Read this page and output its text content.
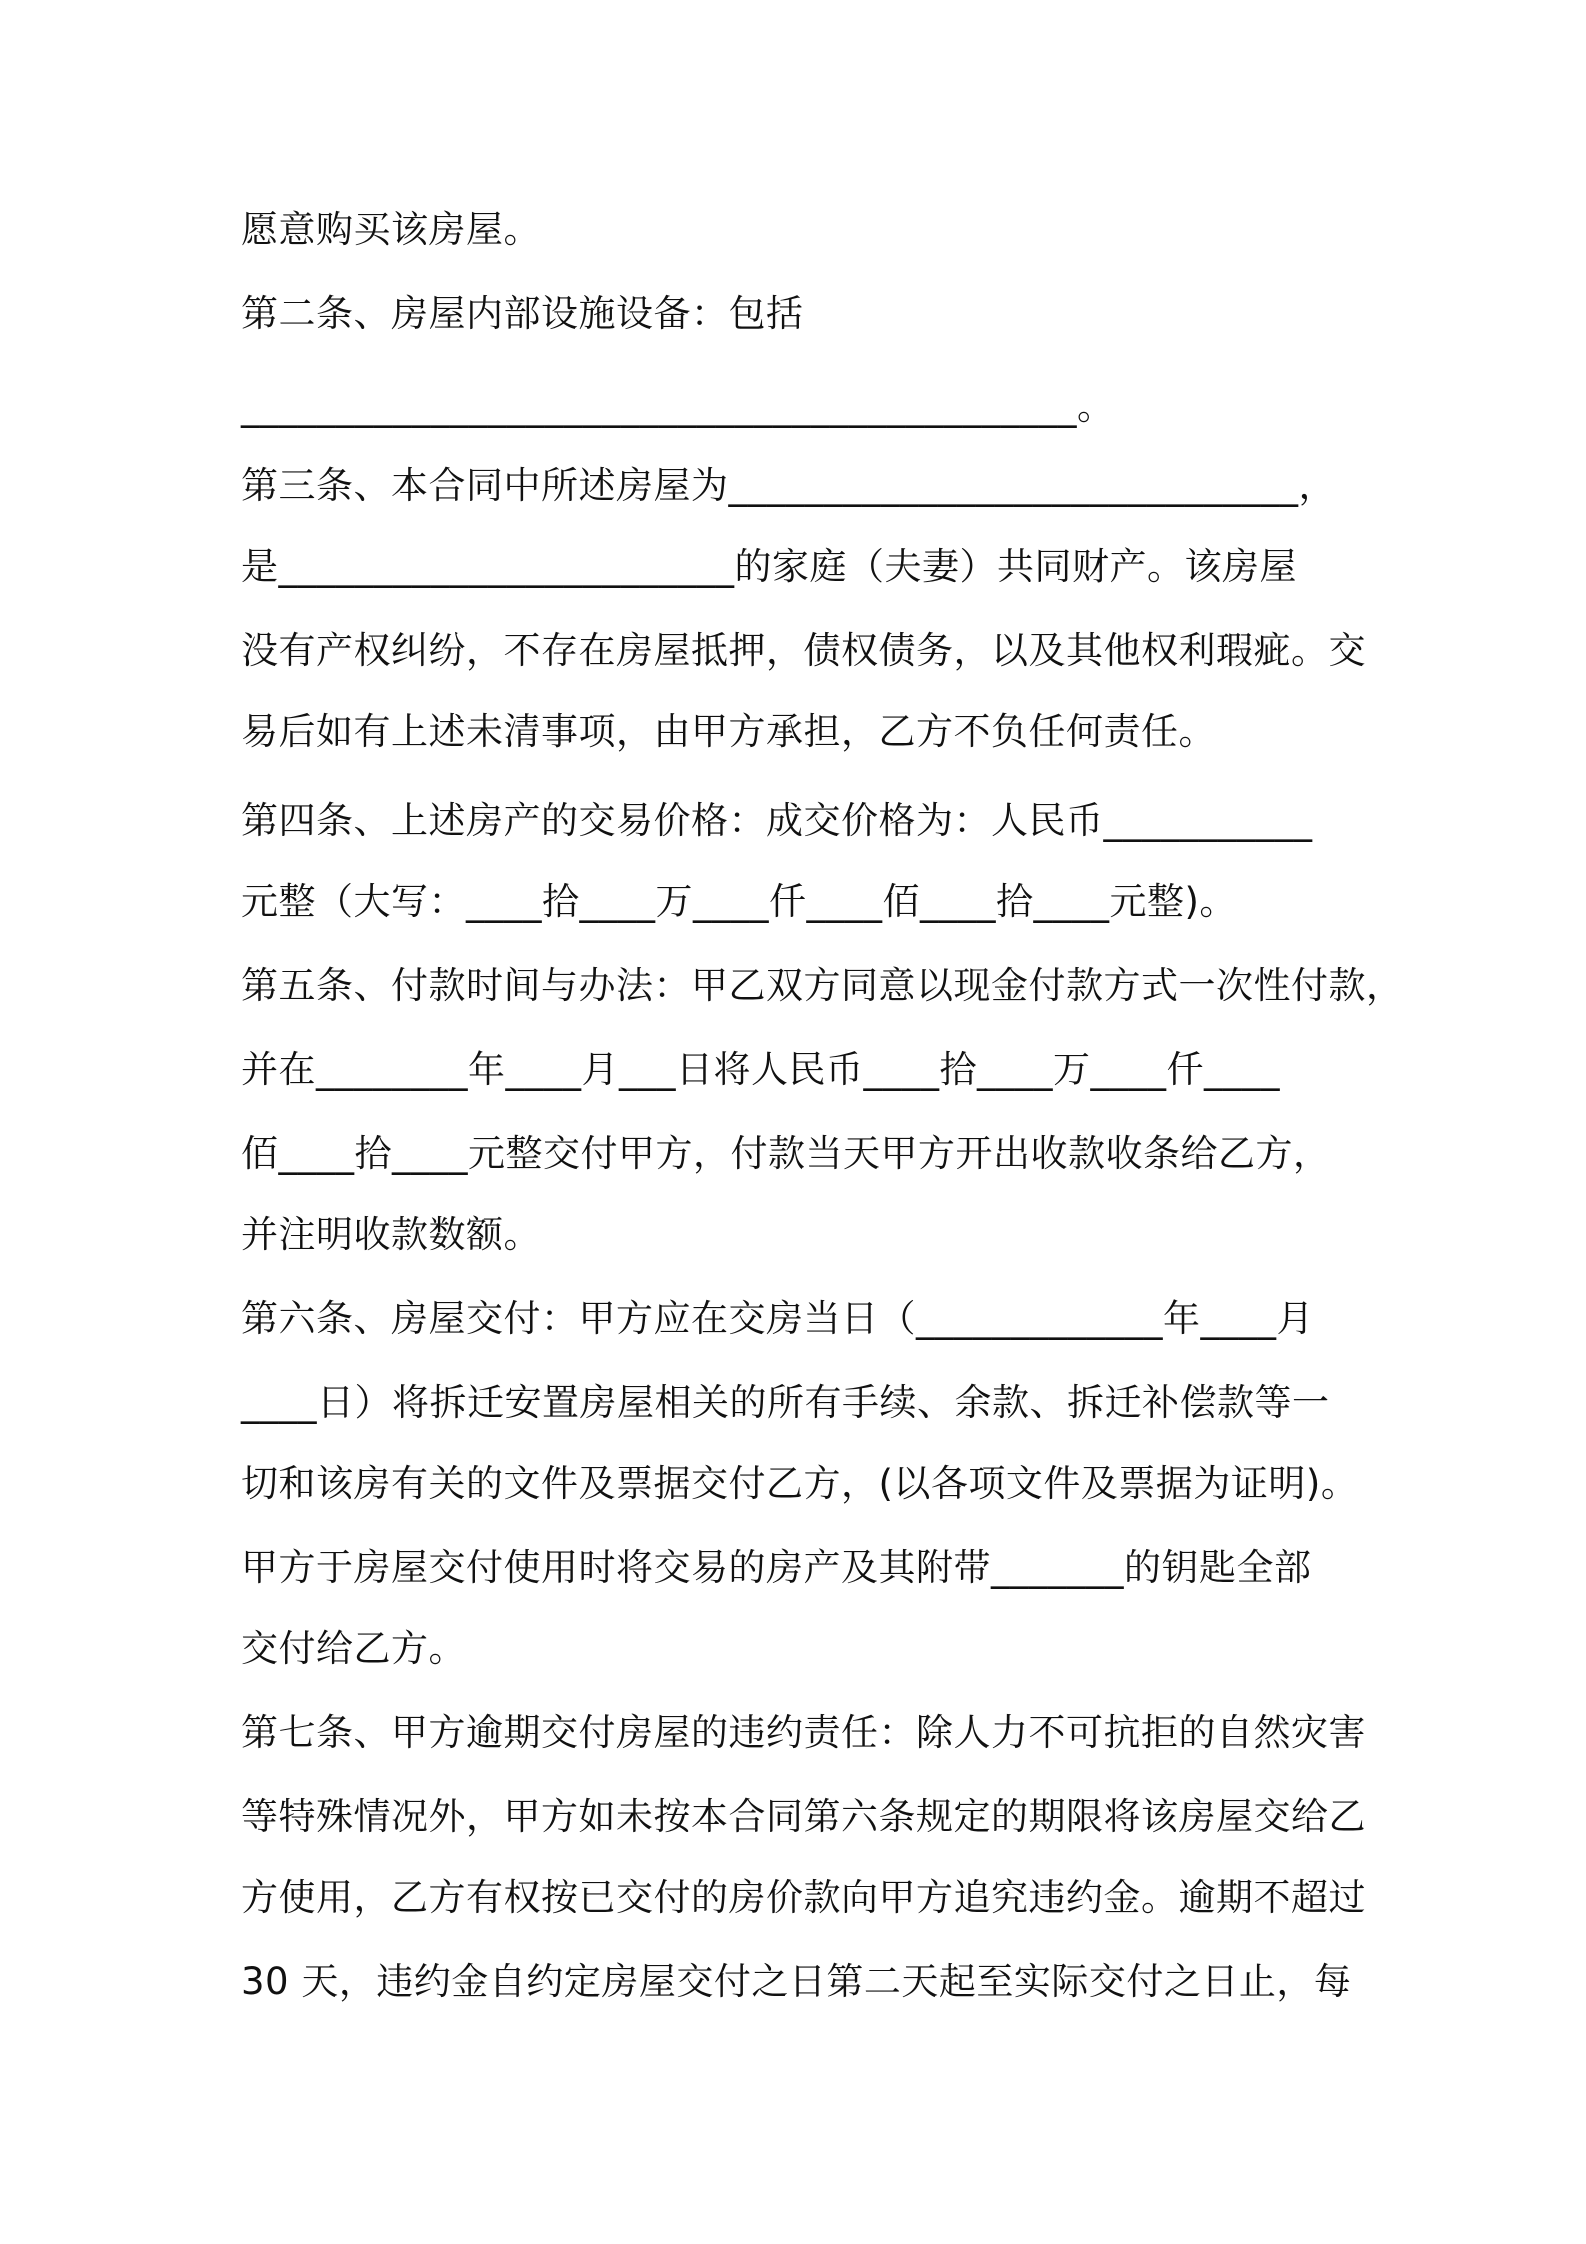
愿意购买该房屋。
第二条、房屋内部设施设备：包括
____________________________________________。
第三条、本合同中所述房屋为______________________________，
是________________________的家庭（夫妻）共同财产。该房屋
没有产权纠纷，不存在房屋抵押，债权债务，以及其他权利瑕疵。交
易后如有上述未清事项，由甲方承担，乙方不负任何责任。
第四条、上述房产的交易价格：成交价格为：人民币___________
元整（大写：____拾____万____仟____佰____拾____元整)。
第五条、付款时间与办法：甲乙双方同意以现金付款方式一次性付款，
并在________年____月___日将人民币____拾____万____仟____
佰____拾____元整交付甲方，付款当天甲方开出收款收条给乙方，
并注明收款数额。
第六条、房屋交付：甲方应在交房当日（_____________年____月
____日）将拆迁安置房屋相关的所有手续、余款、拆迁补偿款等一
切和该房有关的文件及票据交付乙方，(以各项文件及票据为证明)。
甲方于房屋交付使用时将交易的房产及其附带_______的钥匙全部
交付给乙方。
第七条、甲方逾期交付房屋的违约责任：除人力不可抗拒的自然灾害
等特殊情况外，甲方如未按本合同第六条规定的期限将该房屋交给乙
方使用，乙方有权按已交付的房价款向甲方追究违约金。逾期不超过
30 天，违约金自约定房屋交付之日第二天起至实际交付之日止，每
